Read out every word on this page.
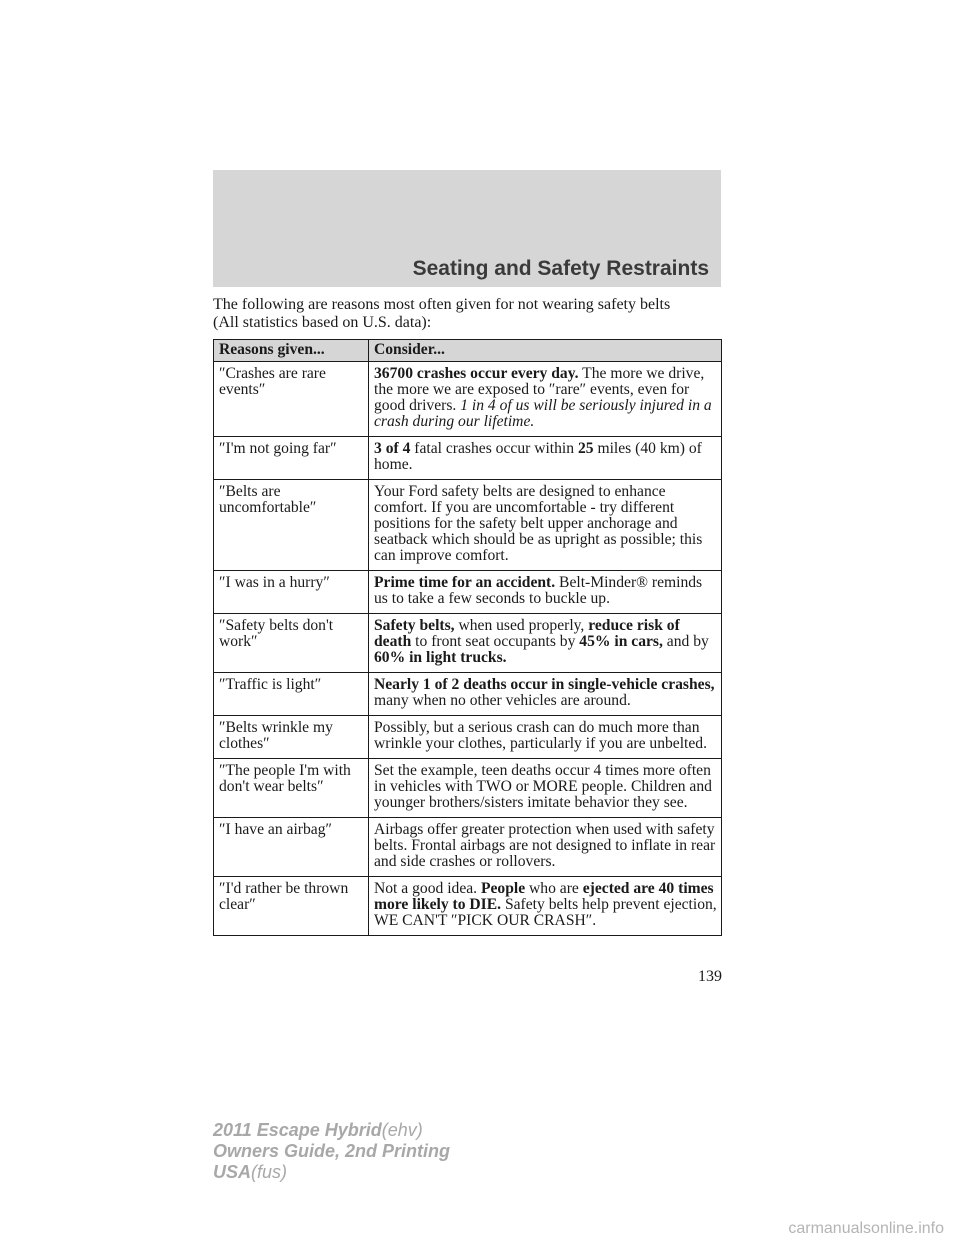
Seating and Safety Restraints
The following are reasons most often given for not wearing safety belts
(All statistics based on U.S. data):
Reasons given...	Consider...
″Crashes are rare events″	36700 crashes occur every day. The more we drive, the more we are exposed to ″rare″ events, even for good drivers. 1 in 4 of us will be seriously injured in a crash during our lifetime.
″I'm not going far″	3 of 4 fatal crashes occur within 25 miles (40 km) of home.
″Belts are uncomfortable″	Your Ford safety belts are designed to enhance comfort. If you are uncomfortable - try different positions for the safety belt upper anchorage and seatback which should be as upright as possible; this can improve comfort.
″I was in a hurry″	Prime time for an accident. Belt-Minder® reminds us to take a few seconds to buckle up.
″Safety belts don't work″	Safety belts, when used properly, reduce risk of death to front seat occupants by 45% in cars, and by 60% in light trucks.
″Traffic is light″	Nearly 1 of 2 deaths occur in single-vehicle crashes, many when no other vehicles are around.
″Belts wrinkle my clothes″	Possibly, but a serious crash can do much more than wrinkle your clothes, particularly if you are unbelted.
″The people I'm with don't wear belts″	Set the example, teen deaths occur 4 times more often in vehicles with TWO or MORE people. Children and younger brothers/sisters imitate behavior they see.
″I have an airbag″	Airbags offer greater protection when used with safety belts. Frontal airbags are not designed to inflate in rear and side crashes or rollovers.
″I'd rather be thrown clear″	Not a good idea. People who are ejected are 40 times more likely to DIE. Safety belts help prevent ejection, WE CAN'T ″PICK OUR CRASH″.
139
2011 Escape Hybrid(ehv)
Owners Guide, 2nd Printing
USA(fus)
carmanualsonline.info
